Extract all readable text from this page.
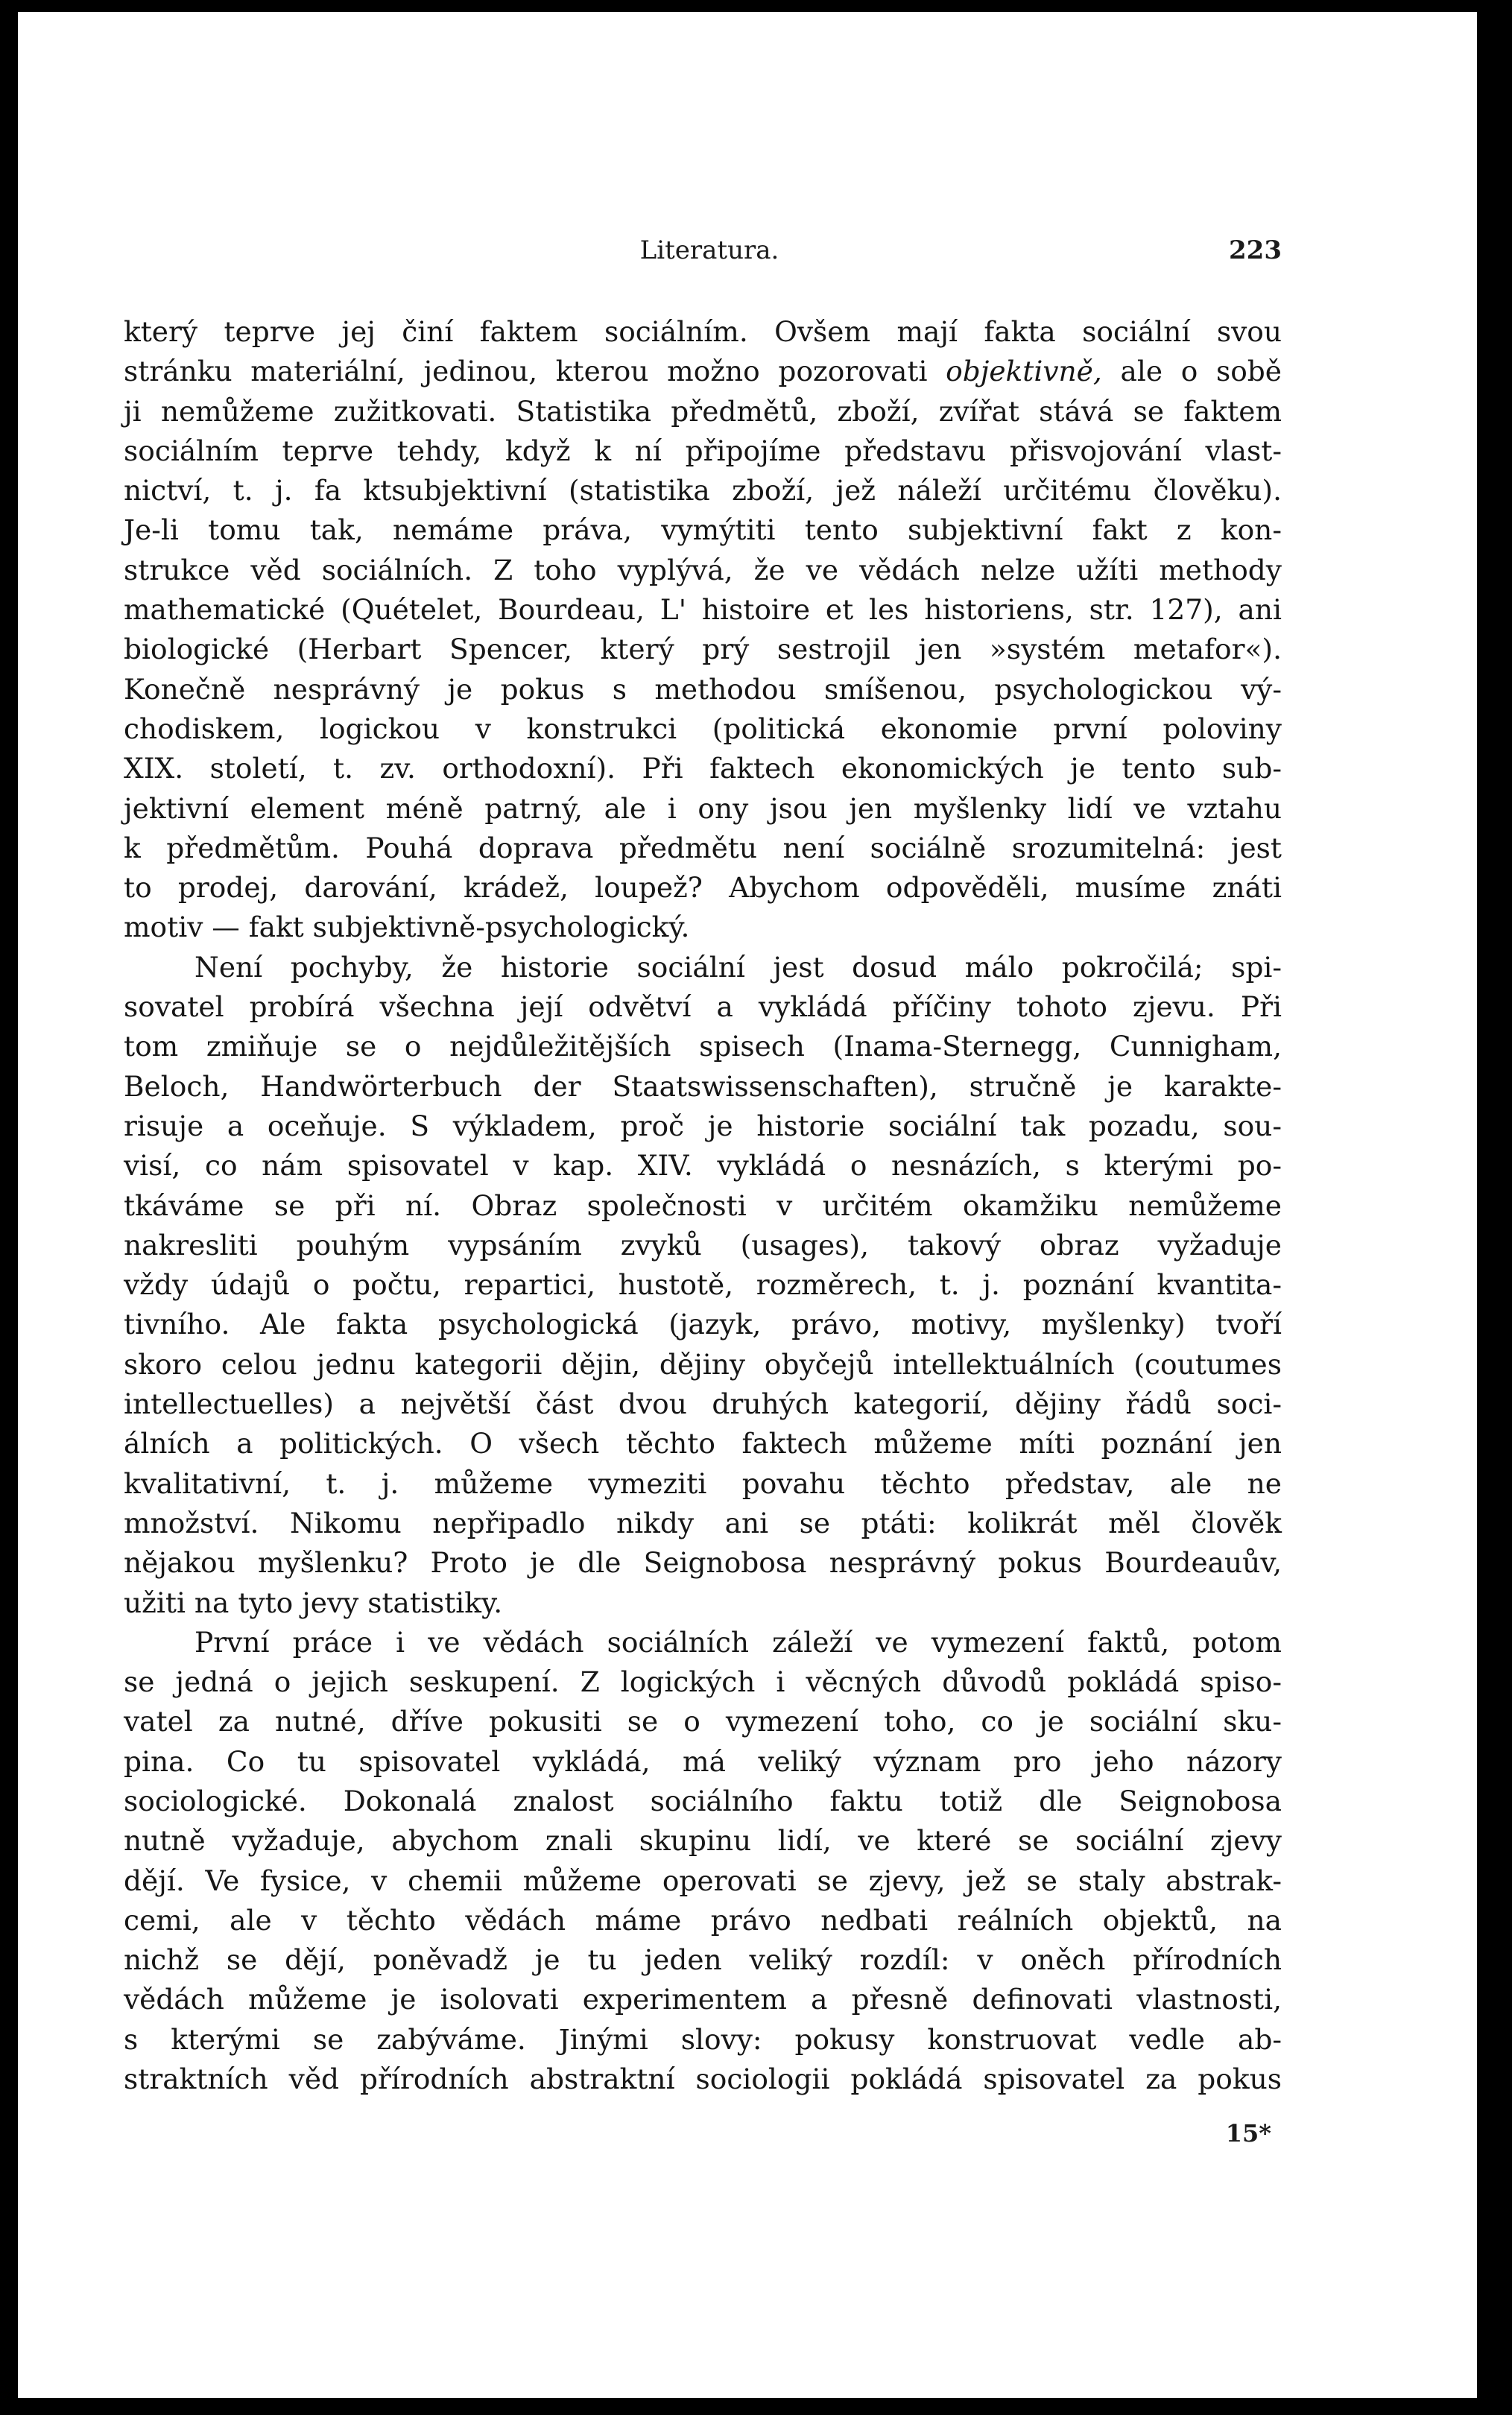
Literatura.	223
který teprve jej činí faktem sociálním. Ovšem mají fakta sociální svou
stránku materiální, jedinou, kterou možno pozorovati objektivně, ale o sobě
ji nemůžeme zužitkovati. Statistika předmětů, zboží, zvířat stává se faktem
sociálním teprve tehdy, když k ní připojíme představu přisvojování vlast-
nictví, t. j. fa ktsubjektivní (statistika zboží, jež náleží určitému člověku).
Je-li tomu tak, nemáme práva, vymýtiti tento subjektivní fakt z kon-
strukce věd sociálních. Z toho vyplývá, že ve vědách nelze užíti methody
mathematické (Quételet, Bourdeau, L' histoire et les historiens, str. 127), ani
biologické (Herbart Spencer, který prý sestrojil jen »systém metafor«).
Konečně nesprávný je pokus s methodou smíšenou, psychologickou vý-
chodiskem, logickou v konstrukci (politická ekonomie první poloviny
XIX. století, t. zv. orthodoxní). Při faktech ekonomických je tento sub-
jektivní element méně patrný, ale i ony jsou jen myšlenky lidí ve vztahu
k předmětům. Pouhá doprava předmětu není sociálně srozumitelná: jest
to prodej, darování, krádež, loupež? Abychom odpověděli, musíme znáti
motiv — fakt subjektivně-psychologický.
Není pochyby, že historie sociální jest dosud málo pokročilá; spi-
sovatel probírá všechna její odvětví a vykládá příčiny tohoto zjevu. Při
tom zmiňuje se o nejdůležitějších spisech (Inama-Sternegg, Cunnigham,
Beloch, Handwörterbuch der Staatswissenschaften), stručně je karakte-
risuje a oceňuje. S výkladem, proč je historie sociální tak pozadu, sou-
visí, co nám spisovatel v kap. XIV. vykládá o nesnázích, s kterými po-
tkáváme se při ní. Obraz společnosti v určitém okamžiku nemůžeme
nakresliti pouhým vypsáním zvyků (usages), takový obraz vyžaduje
vždy údajů o počtu, repartici, hustotě, rozměrech, t. j. poznání kvantita-
tivního. Ale fakta psychologická (jazyk, právo, motivy, myšlenky) tvoří
skoro celou jednu kategorii dějin, dějiny obyčejů intellektuálních (coutumes
intellectuelles) a největší část dvou druhých kategorií, dějiny řádů soci-
álních a politických. O všech těchto faktech můžeme míti poznání jen
kvalitativní, t. j. můžeme vymeziti povahu těchto představ, ale ne
množství. Nikomu nepřipadlo nikdy ani se ptáti: kolikrát měl člověk
nějakou myšlenku? Proto je dle Seignobosa nesprávný pokus Bourdeauův,
užiti na tyto jevy statistiky.
První práce i ve vědách sociálních záleží ve vymezení faktů, potom
se jedná o jejich seskupení. Z logických i věcných důvodů pokládá spiso-
vatel za nutné, dříve pokusiti se o vymezení toho, co je sociální sku-
pina. Co tu spisovatel vykládá, má veliký význam pro jeho názory
sociologické. Dokonalá znalost sociálního faktu totiž dle Seignobosa
nutně vyžaduje, abychom znali skupinu lidí, ve které se sociální zjevy
dějí. Ve fysice, v chemii můžeme operovati se zjevy, jež se staly abstrak-
cemi, ale v těchto vědách máme právo nedbati reálních objektů, na
nichž se dějí, poněvadž je tu jeden veliký rozdíl: v oněch přírodních
vědách můžeme je isolovati experimentem a přesně definovati vlastnosti,
s kterými se zabýváme. Jinými slovy: pokusy konstruovat vedle ab-
straktních věd přírodních abstraktní sociologii pokládá spisovatel za pokus
15*
